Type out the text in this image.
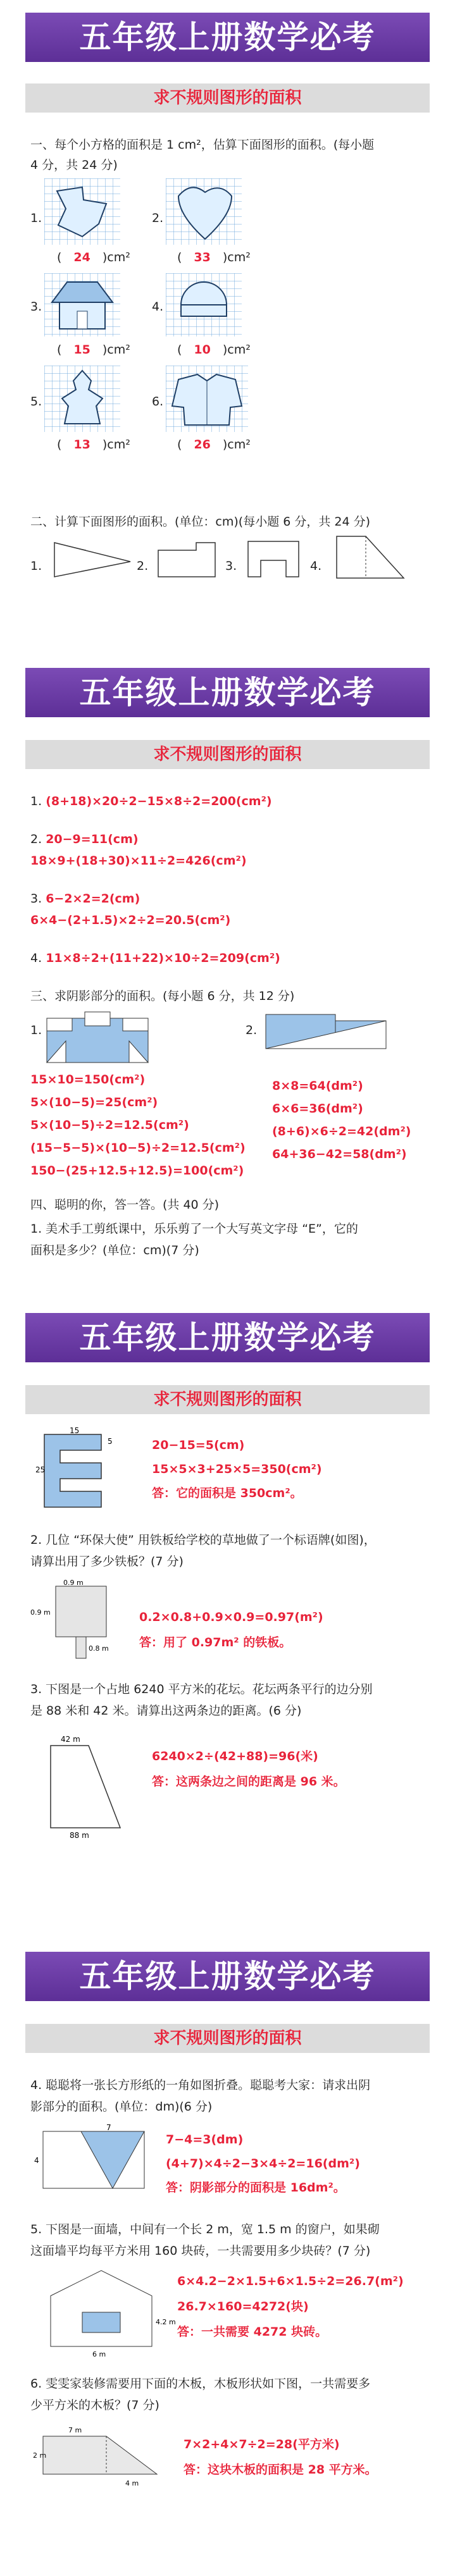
五年级上册数学必考
求不规则图形的面积
一、每个小方格的面积是 1 cm²，估算下面图形的面积。(每小题
4 分，共 24 分)
1.	2.
(　24　)cm²	(　33　)cm²
3.	4.
(　15　)cm²	(　10　)cm²
5.	6.
(　13　)cm²	(　26　)cm²
二、计算下面图形的面积。(单位：cm)(每小题 6 分，共 24 分)
1.	2.	3.	4.
五年级上册数学必考
求不规则图形的面积
1. (8+18)×20÷2−15×8÷2=200(cm²)
2. 20−9=11(cm)
18×9+(18+30)×11÷2=426(cm²)
3. 6−2×2=2(cm)
6×4−(2+1.5)×2÷2=20.5(cm²)
4. 11×8÷2+(11+22)×10÷2=209(cm²)
三、求阴影部分的面积。(每小题 6 分，共 12 分)
1.	2.
15×10=150(cm²)
5×(10−5)=25(cm²)
5×(10−5)÷2=12.5(cm²)
(15−5−5)×(10−5)÷2=12.5(cm²)
150−(25+12.5+12.5)=100(cm²)
8×8=64(dm²)
6×6=36(dm²)
(8+6)×6÷2=42(dm²)
64+36−42=58(dm²)
四、聪明的你，答一答。(共 40 分)
1. 美术手工剪纸课中，乐乐剪了一个大写英文字母 “E”，它的
面积是多少？(单位：cm)(7 分)
五年级上册数学必考
求不规则图形的面积
25
5
15
20−15=5(cm)
15×5×3+25×5=350(cm²)
答：它的面积是 350cm²。
2. 几位 “环保大使” 用铁板给学校的草地做了一个标语牌(如图)，
请算出用了多少铁板？(7 分)
0.9 m
0.9 m
0.8 m
0.2×0.8+0.9×0.9=0.97(m²)
答：用了 0.97m² 的铁板。
3. 下图是一个占地 6240 平方米的花坛。花坛两条平行的边分别
是 88 米和 42 米。请算出这两条边的距离。(6 分)
42 m
88 m
6240×2÷(42+88)=96(米)
答：这两条边之间的距离是 96 米。
五年级上册数学必考
求不规则图形的面积
4. 聪聪将一张长方形纸的一角如图折叠。聪聪考大家：请求出阴
影部分的面积。(单位：dm)(6 分)
7
4
7−4=3(dm)
(4+7)×4÷2−3×4÷2=16(dm²)
答：阴影部分的面积是 16dm²。
5. 下图是一面墙，中间有一个长 2 m，宽 1.5 m 的窗户，如果砌
这面墙平均每平方米用 160 块砖，一共需要用多少块砖？(7 分)
4.2 m
6 m
6×4.2−2×1.5+6×1.5÷2=26.7(m²)
26.7×160=4272(块)
答：一共需要 4272 块砖。
6. 雯雯家装修需要用下面的木板，木板形状如下图，一共需要多
少平方米的木板？(7 分)
7 m
2 m
4 m
7×2+4×7÷2=28(平方米)
答：这块木板的面积是 28 平方米。
